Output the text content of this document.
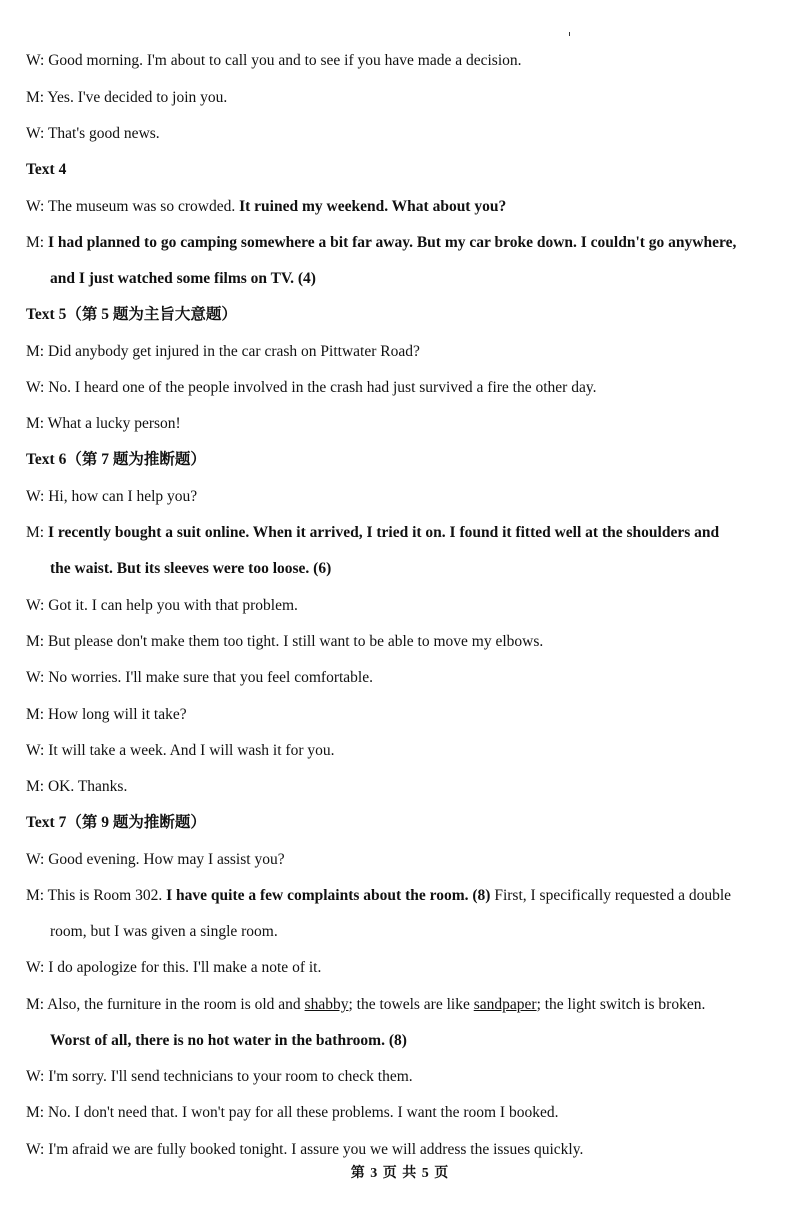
W: Good morning. I'm about to call you and to see if you have made a decision.
M: Yes. I've decided to join you.
W: That's good news.
Text 4
W: The museum was so crowded. It ruined my weekend. What about you?
M: I had planned to go camping somewhere a bit far away. But my car broke down. I couldn't go anywhere,
and I just watched some films on TV. (4)
Text 5（第 5 题为主旨大意题）
M: Did anybody get injured in the car crash on Pittwater Road?
W: No. I heard one of the people involved in the crash had just survived a fire the other day.
M: What a lucky person!
Text 6（第 7 题为推断题）
W: Hi, how can I help you?
M: I recently bought a suit online. When it arrived, I tried it on. I found it fitted well at the shoulders and
the waist. But its sleeves were too loose. (6)
W: Got it. I can help you with that problem.
M: But please don't make them too tight. I still want to be able to move my elbows.
W: No worries. I'll make sure that you feel comfortable.
M: How long will it take?
W: It will take a week. And I will wash it for you.
M: OK. Thanks.
Text 7（第 9 题为推断题）
W: Good evening. How may I assist you?
M: This is Room 302. I have quite a few complaints about the room. (8) First, I specifically requested a double
room, but I was given a single room.
W: I do apologize for this. I'll make a note of it.
M: Also, the furniture in the room is old and shabby; the towels are like sandpaper; the light switch is broken.
Worst of all, there is no hot water in the bathroom. (8)
W: I'm sorry. I'll send technicians to your room to check them.
M: No. I don't need that. I won't pay for all these problems. I want the room I booked.
W: I'm afraid we are fully booked tonight. I assure you we will address the issues quickly.
第 3 页 共 5 页
